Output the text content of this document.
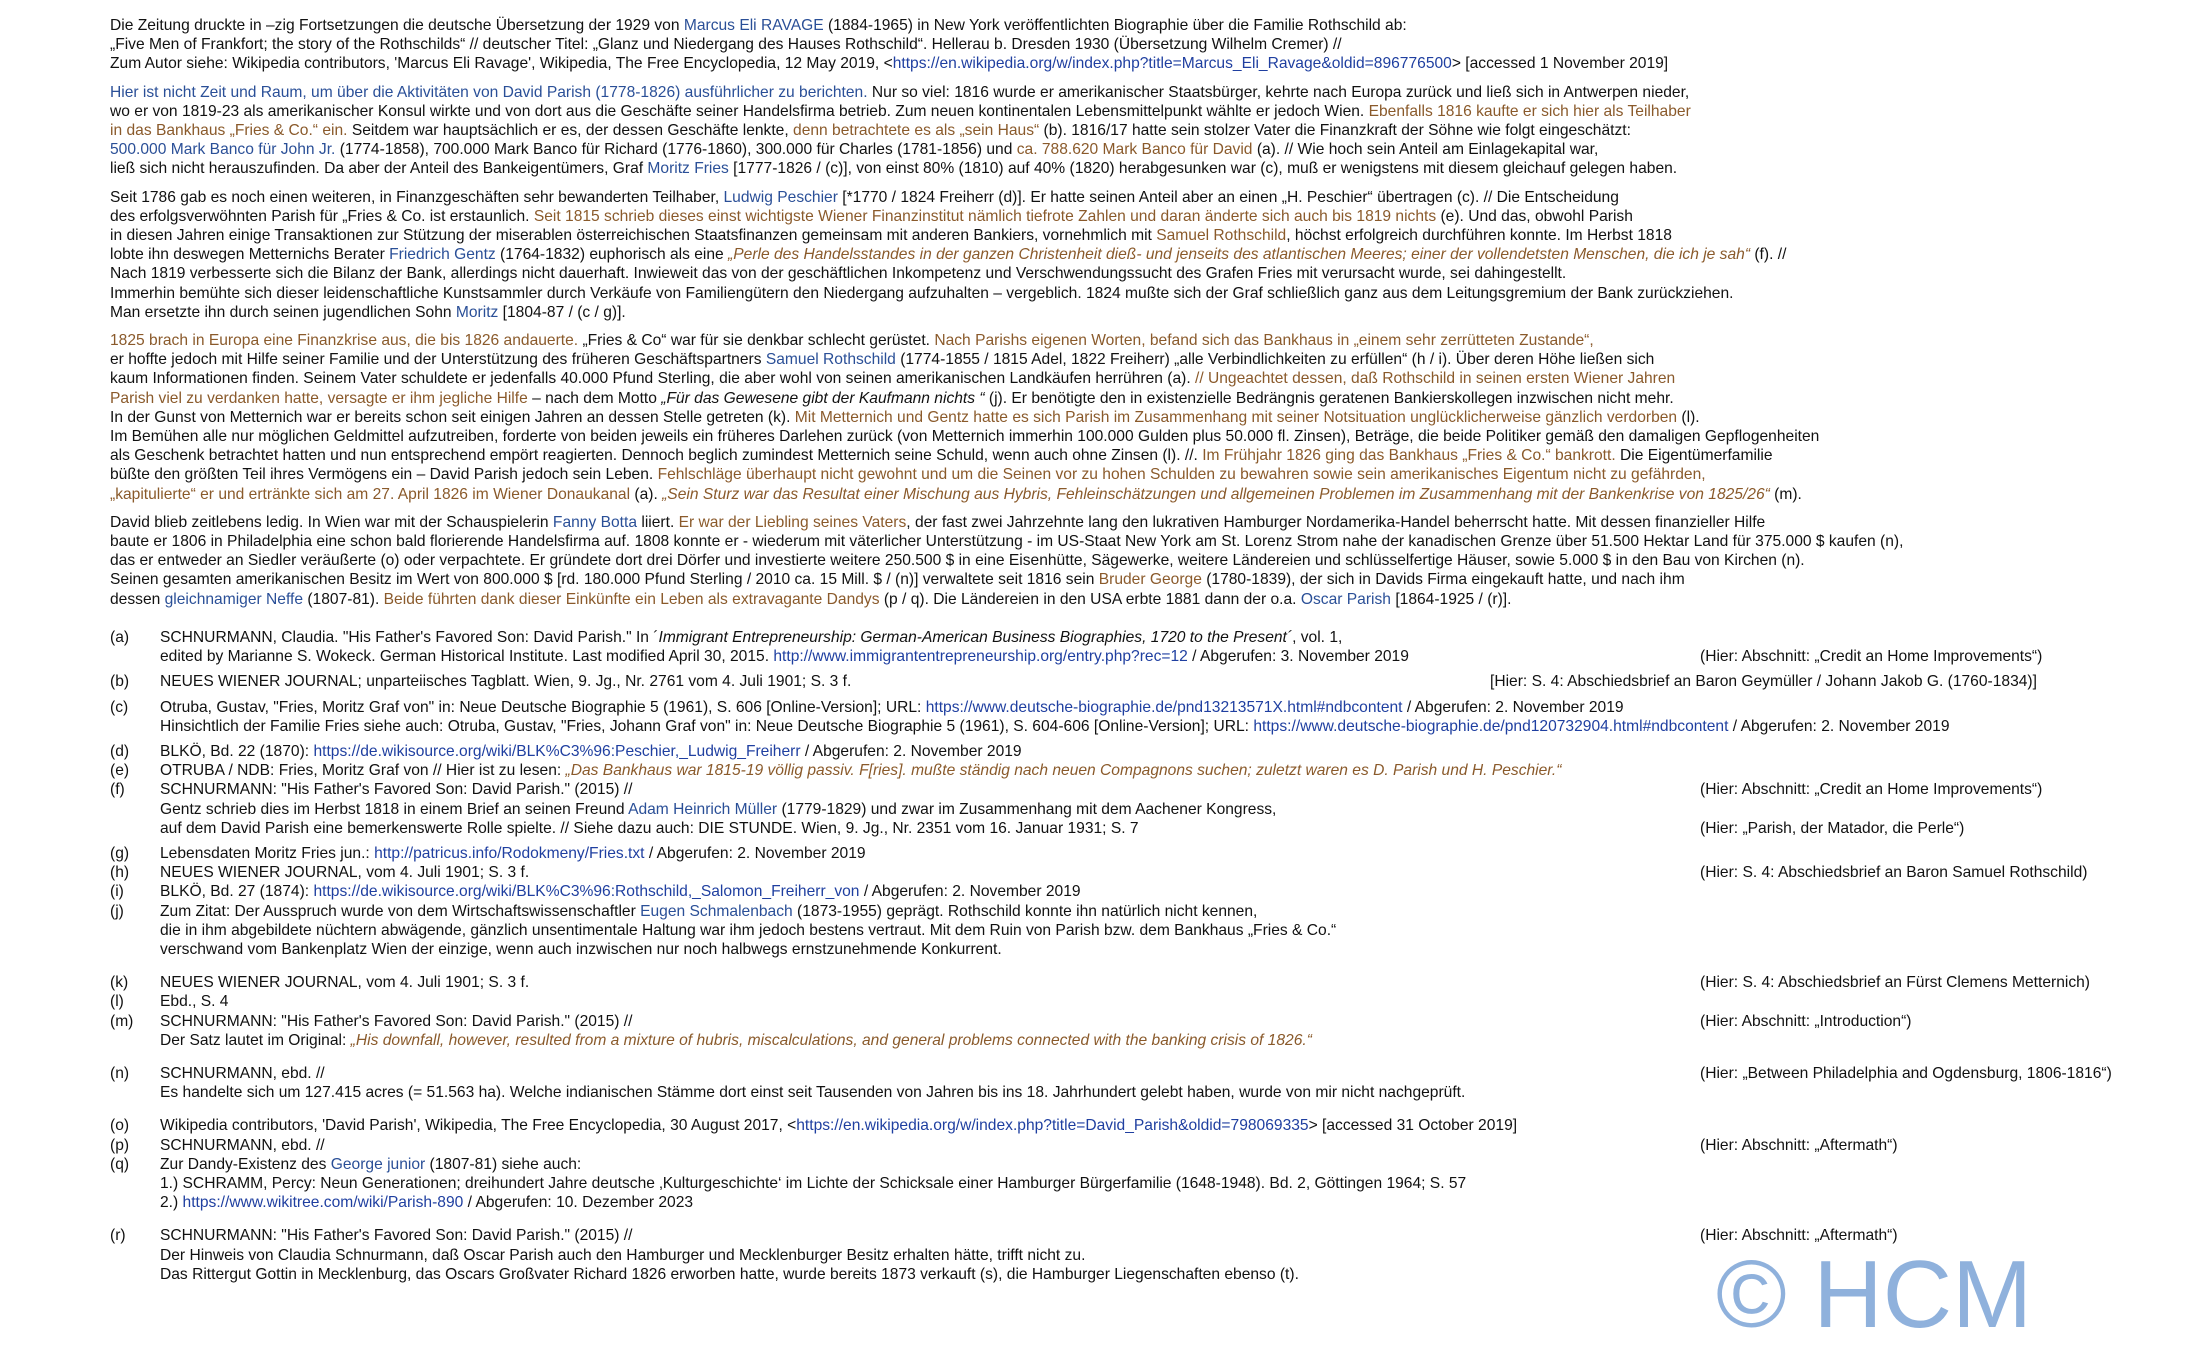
Die Zeitung druckte in –zig Fortsetzungen die deutsche Übersetzung der 1929 von Marcus Eli RAVAGE (1884-1965) in New York veröffentlichten Biographie über die Familie Rothschild ab:
„Five Men of Frankfort; the story of the Rothschilds“ // deutscher Titel: „Glanz und Niedergang des Hauses Rothschild“. Hellerau b. Dresden 1930 (Übersetzung Wilhelm Cremer) //
Zum Autor siehe: Wikipedia contributors, 'Marcus Eli Ravage', Wikipedia, The Free Encyclopedia, 12 May 2019, <https://en.wikipedia.org/w/index.php?title=Marcus_Eli_Ravage&oldid=896776500> [accessed 1 November 2019]
Hier ist nicht Zeit und Raum, um über die Aktivitäten von David Parish (1778-1826) ausführlicher zu berichten. Nur so viel: 1816 wurde er amerikanischer Staatsbürger, kehrte nach Europa zurück und ließ sich in Antwerpen nieder,
wo er von 1819-23 als amerikanischer Konsul wirkte und von dort aus die Geschäfte seiner Handelsfirma betrieb. Zum neuen kontinentalen Lebensmittelpunkt wählte er jedoch Wien. Ebenfalls 1816 kaufte er sich hier als Teilhaber
in das Bankhaus „Fries & Co.“ ein. Seitdem war hauptsächlich er es, der dessen Geschäfte lenkte, denn betrachtete es als „sein Haus“ (b). 1816/17 hatte sein stolzer Vater die Finanzkraft der Söhne wie folgt eingeschätzt:
500.000 Mark Banco für John Jr. (1774-1858), 700.000 Mark Banco für Richard (1776-1860), 300.000 für Charles (1781-1856) und ca. 788.620 Mark Banco für David (a). // Wie hoch sein Anteil am Einlagekapital war,
ließ sich nicht herauszufinden. Da aber der Anteil des Bankeigentümers, Graf Moritz Fries [1777-1826 / (c)], von einst 80% (1810) auf 40% (1820) herabgesunken war (c), muß er wenigstens mit diesem gleichauf gelegen haben.
Seit 1786 gab es noch einen weiteren, in Finanzgeschäften sehr bewanderten Teilhaber, Ludwig Peschier [*1770 / 1824 Freiherr (d)]. Er hatte seinen Anteil aber an einen „H. Peschier“ übertragen (c). // Die Entscheidung
des erfolgsverwöhnten Parish für „Fries & Co. ist erstaunlich. Seit 1815 schrieb dieses einst wichtigste Wiener Finanzinstitut nämlich tiefrote Zahlen und daran änderte sich auch bis 1819 nichts (e). Und das, obwohl Parish
in diesen Jahren einige Transaktionen zur Stützung der miserablen österreichischen Staatsfinanzen gemeinsam mit anderen Bankiers, vornehmlich mit Samuel Rothschild, höchst erfolgreich durchführen konnte. Im Herbst 1818
lobte ihn deswegen Metternichs Berater Friedrich Gentz (1764-1832) euphorisch als eine „Perle des Handelsstandes in der ganzen Christenheit dieß- und jenseits des atlantischen Meeres; einer der vollendetsten Menschen, die ich je sah“ (f). //
Nach 1819 verbesserte sich die Bilanz der Bank, allerdings nicht dauerhaft. Inwieweit das von der geschäftlichen Inkompetenz und Verschwendungssucht des Grafen Fries mit verursacht wurde, sei dahingestellt.
Immerhin bemühte sich dieser leidenschaftliche Kunstsammler durch Verkäufe von Familiengütern den Niedergang aufzuhalten – vergeblich. 1824 mußte sich der Graf schließlich ganz aus dem Leitungsgremium der Bank zurückziehen.
Man ersetzte ihn durch seinen jugendlichen Sohn Moritz [1804-87 / (c / g)].
1825 brach in Europa eine Finanzkrise aus, die bis 1826 andauerte. „Fries & Co“ war für sie denkbar schlecht gerüstet. Nach Parishs eigenen Worten, befand sich das Bankhaus in „einem sehr zerrütteten Zustande“,
er hoffte jedoch mit Hilfe seiner Familie und der Unterstützung des früheren Geschäftspartners Samuel Rothschild (1774-1855 / 1815 Adel, 1822 Freiherr) „alle Verbindlichkeiten zu erfüllen“ (h / i). Über deren Höhe ließen sich
kaum Informationen finden. Seinem Vater schuldete er jedenfalls 40.000 Pfund Sterling, die aber wohl von seinen amerikanischen Landkäufen herrühren (a). // Ungeachtet dessen, daß Rothschild in seinen ersten Wiener Jahren
Parish viel zu verdanken hatte, versagte er ihm jegliche Hilfe – nach dem Motto „Für das Gewesene gibt der Kaufmann nichts “ (j). Er benötigte den in existenzielle Bedrängnis geratenen Bankierskollegen inzwischen nicht mehr.
In der Gunst von Metternich war er bereits schon seit einigen Jahren an dessen Stelle getreten (k). Mit Metternich und Gentz hatte es sich Parish im Zusammenhang mit seiner Notsituation unglücklicherweise gänzlich verdorben (l).
Im Bemühen alle nur möglichen Geldmittel aufzutreiben, forderte von beiden jeweils ein früheres Darlehen zurück (von Metternich immerhin 100.000 Gulden plus 50.000 fl. Zinsen), Beträge, die beide Politiker gemäß den damaligen Gepflogenheiten
als Geschenk betrachtet hatten und nun entsprechend empört reagierten. Dennoch beglich zumindest Metternich seine Schuld, wenn auch ohne Zinsen (l). //. Im Frühjahr 1826 ging das Bankhaus „Fries & Co.“ bankrott. Die Eigentümerfamilie
büßte den größten Teil ihres Vermögens ein – David Parish jedoch sein Leben. Fehlschläge überhaupt nicht gewohnt und um die Seinen vor zu hohen Schulden zu bewahren sowie sein amerikanisches Eigentum nicht zu gefährden,
„kapitulierte“ er und ertränkte sich am 27. April 1826 im Wiener Donaukanal (a). „Sein Sturz war das Resultat einer Mischung aus Hybris, Fehleinschätzungen und allgemeinen Problemen im Zusammenhang mit der Bankenkrise von 1825/26“ (m).
David blieb zeitlebens ledig. In Wien war mit der Schauspielerin Fanny Botta liiert. Er war der Liebling seines Vaters, der fast zwei Jahrzehnte lang den lukrativen Hamburger Nordamerika-Handel beherrscht hatte. Mit dessen finanzieller Hilfe
baute er 1806 in Philadelphia eine schon bald florierende Handelsfirma auf. 1808 konnte er - wiederum mit väterlicher Unterstützung - im US-Staat New York am St. Lorenz Strom nahe der kanadischen Grenze über 51.500 Hektar Land für 375.000 $ kaufen (n),
das er entweder an Siedler veräußerte (o) oder verpachtete. Er gründete dort drei Dörfer und investierte weitere 250.500 $ in eine Eisenhütte, Sägewerke, weitere Ländereien und schlüsselfertige Häuser, sowie 5.000 $ in den Bau von Kirchen (n).
Seinen gesamten amerikanischen Besitz im Wert von 800.000 $ [rd. 180.000 Pfund Sterling / 2010 ca. 15 Mill. $ / (n)] verwaltete seit 1816 sein Bruder George (1780-1839), der sich in Davids Firma eingekauft hatte, und nach ihm
dessen gleichnamiger Neffe (1807-81). Beide führten dank dieser Einkünfte ein Leben als extravagante Dandys (p / q). Die Ländereien in den USA erbte 1881 dann der o.a. Oscar Parish [1864-1925 / (r)].
(a)	SCHNURMANN, Claudia. "His Father's Favored Son: David Parish." In ´Immigrant Entrepreneurship: German-American Business Biographies, 1720 to the Present´, vol. 1,
edited by Marianne S. Wokeck. German Historical Institute. Last modified April 30, 2015. http://www.immigrantentrepreneurship.org/entry.php?rec=12 / Abgerufen: 3. November 2019	(Hier: Abschnitt: „Credit an Home Improvements“)
(b)	NEUES WIENER JOURNAL; unparteiisches Tagblatt. Wien, 9. Jg., Nr. 2761 vom 4. Juli 1901; S. 3 f.	[Hier: S. 4: Abschiedsbrief an Baron Geymüller / Johann Jakob G. (1760-1834)]
(c)	Otruba, Gustav, "Fries, Moritz Graf von" in: Neue Deutsche Biographie 5 (1961), S. 606 [Online-Version]; URL: https://www.deutsche-biographie.de/pnd13213571X.html#ndbcontent / Abgerufen: 2. November 2019
Hinsichtlich der Familie Fries siehe auch: Otruba, Gustav, "Fries, Johann Graf von" in: Neue Deutsche Biographie 5 (1961), S. 604-606 [Online-Version]; URL: https://www.deutsche-biographie.de/pnd120732904.html#ndbcontent / Abgerufen: 2. November 2019
(d)	BLKÖ, Bd. 22 (1870): https://de.wikisource.org/wiki/BLK%C3%96:Peschier,_Ludwig_Freiherr / Abgerufen: 2. November 2019
(e)	OTRUBA / NDB: Fries, Moritz Graf von // Hier ist zu lesen: „Das Bankhaus war 1815-19 völlig passiv. F[ries]. mußte ständig nach neuen Compagnons suchen; zuletzt waren es D. Parish und H. Peschier.“
(f)	SCHNURMANN: "His Father's Favored Son: David Parish." (2015) //	(Hier: Abschnitt: „Credit an Home Improvements“)
Gentz schrieb dies im Herbst 1818 in einem Brief an seinen Freund Adam Heinrich Müller (1779-1829) und zwar im Zusammenhang mit dem Aachener Kongress,
auf dem David Parish eine bemerkenswerte Rolle spielte. // Siehe dazu auch: DIE STUNDE. Wien, 9. Jg., Nr. 2351 vom 16. Januar 1931; S. 7	(Hier: „Parish, der Matador, die Perle“)
(g)	Lebensdaten Moritz Fries jun.: http://patricus.info/Rodokmeny/Fries.txt / Abgerufen: 2. November 2019
(h)	NEUES WIENER JOURNAL, vom 4. Juli 1901; S. 3 f.	(Hier: S. 4: Abschiedsbrief an Baron Samuel Rothschild)
(i)	BLKÖ, Bd. 27 (1874): https://de.wikisource.org/wiki/BLK%C3%96:Rothschild,_Salomon_Freiherr_von / Abgerufen: 2. November 2019
(j)	Zum Zitat: Der Ausspruch wurde von dem Wirtschaftswissenschaftler Eugen Schmalenbach (1873-1955) geprägt. Rothschild konnte ihn natürlich nicht kennen,
die in ihm abgebildete nüchtern abwägende, gänzlich unsentimentale Haltung war ihm jedoch bestens vertraut. Mit dem Ruin von Parish bzw. dem Bankhaus „Fries & Co.“
verschwand vom Bankenplatz Wien der einzige, wenn auch inzwischen nur noch halbwegs ernstzunehmende Konkurrent.
(k)	NEUES WIENER JOURNAL, vom 4. Juli 1901; S. 3 f.	(Hier: S. 4: Abschiedsbrief an Fürst Clemens Metternich)
(l)	Ebd., S. 4
(m)	SCHNURMANN: "His Father's Favored Son: David Parish." (2015) //	(Hier: Abschnitt: „Introduction“)
Der Satz lautet im Original: „His downfall, however, resulted from a mixture of hubris, miscalculations, and general problems connected with the banking crisis of 1826.“
(n)	SCHNURMANN, ebd. //	(Hier: „Between Philadelphia and Ogdensburg, 1806-1816“)
Es handelte sich um 127.415 acres (= 51.563 ha). Welche indianischen Stämme dort einst seit Tausenden von Jahren bis ins 18. Jahrhundert gelebt haben, wurde von mir nicht nachgeprüft.
(o)	Wikipedia contributors, 'David Parish', Wikipedia, The Free Encyclopedia, 30 August 2017, <https://en.wikipedia.org/w/index.php?title=David_Parish&oldid=798069335> [accessed 31 October 2019]
(p)	SCHNURMANN, ebd. //	(Hier: Abschnitt: „Aftermath“)
(q)	Zur Dandy-Existenz des George junior (1807-81) siehe auch:
1.) SCHRAMM, Percy: Neun Generationen; dreihundert Jahre deutsche ‚Kulturgeschichte‘ im Lichte der Schicksale einer Hamburger Bürgerfamilie (1648-1948). Bd. 2, Göttingen 1964; S. 57
2.) https://www.wikitree.com/wiki/Parish-890 / Abgerufen: 10. Dezember 2023
(r)	SCHNURMANN: "His Father's Favored Son: David Parish." (2015) //	(Hier: Abschnitt: „Aftermath“)
Der Hinweis von Claudia Schnurmann, daß Oscar Parish auch den Hamburger und Mecklenburger Besitz erhalten hätte, trifft nicht zu.
Das Rittergut Gottin in Mecklenburg, das Oscars Großvater Richard 1826 erworben hatte, wurde bereits 1873 verkauft (s), die Hamburger Liegenschaften ebenso (t).	© HCM
